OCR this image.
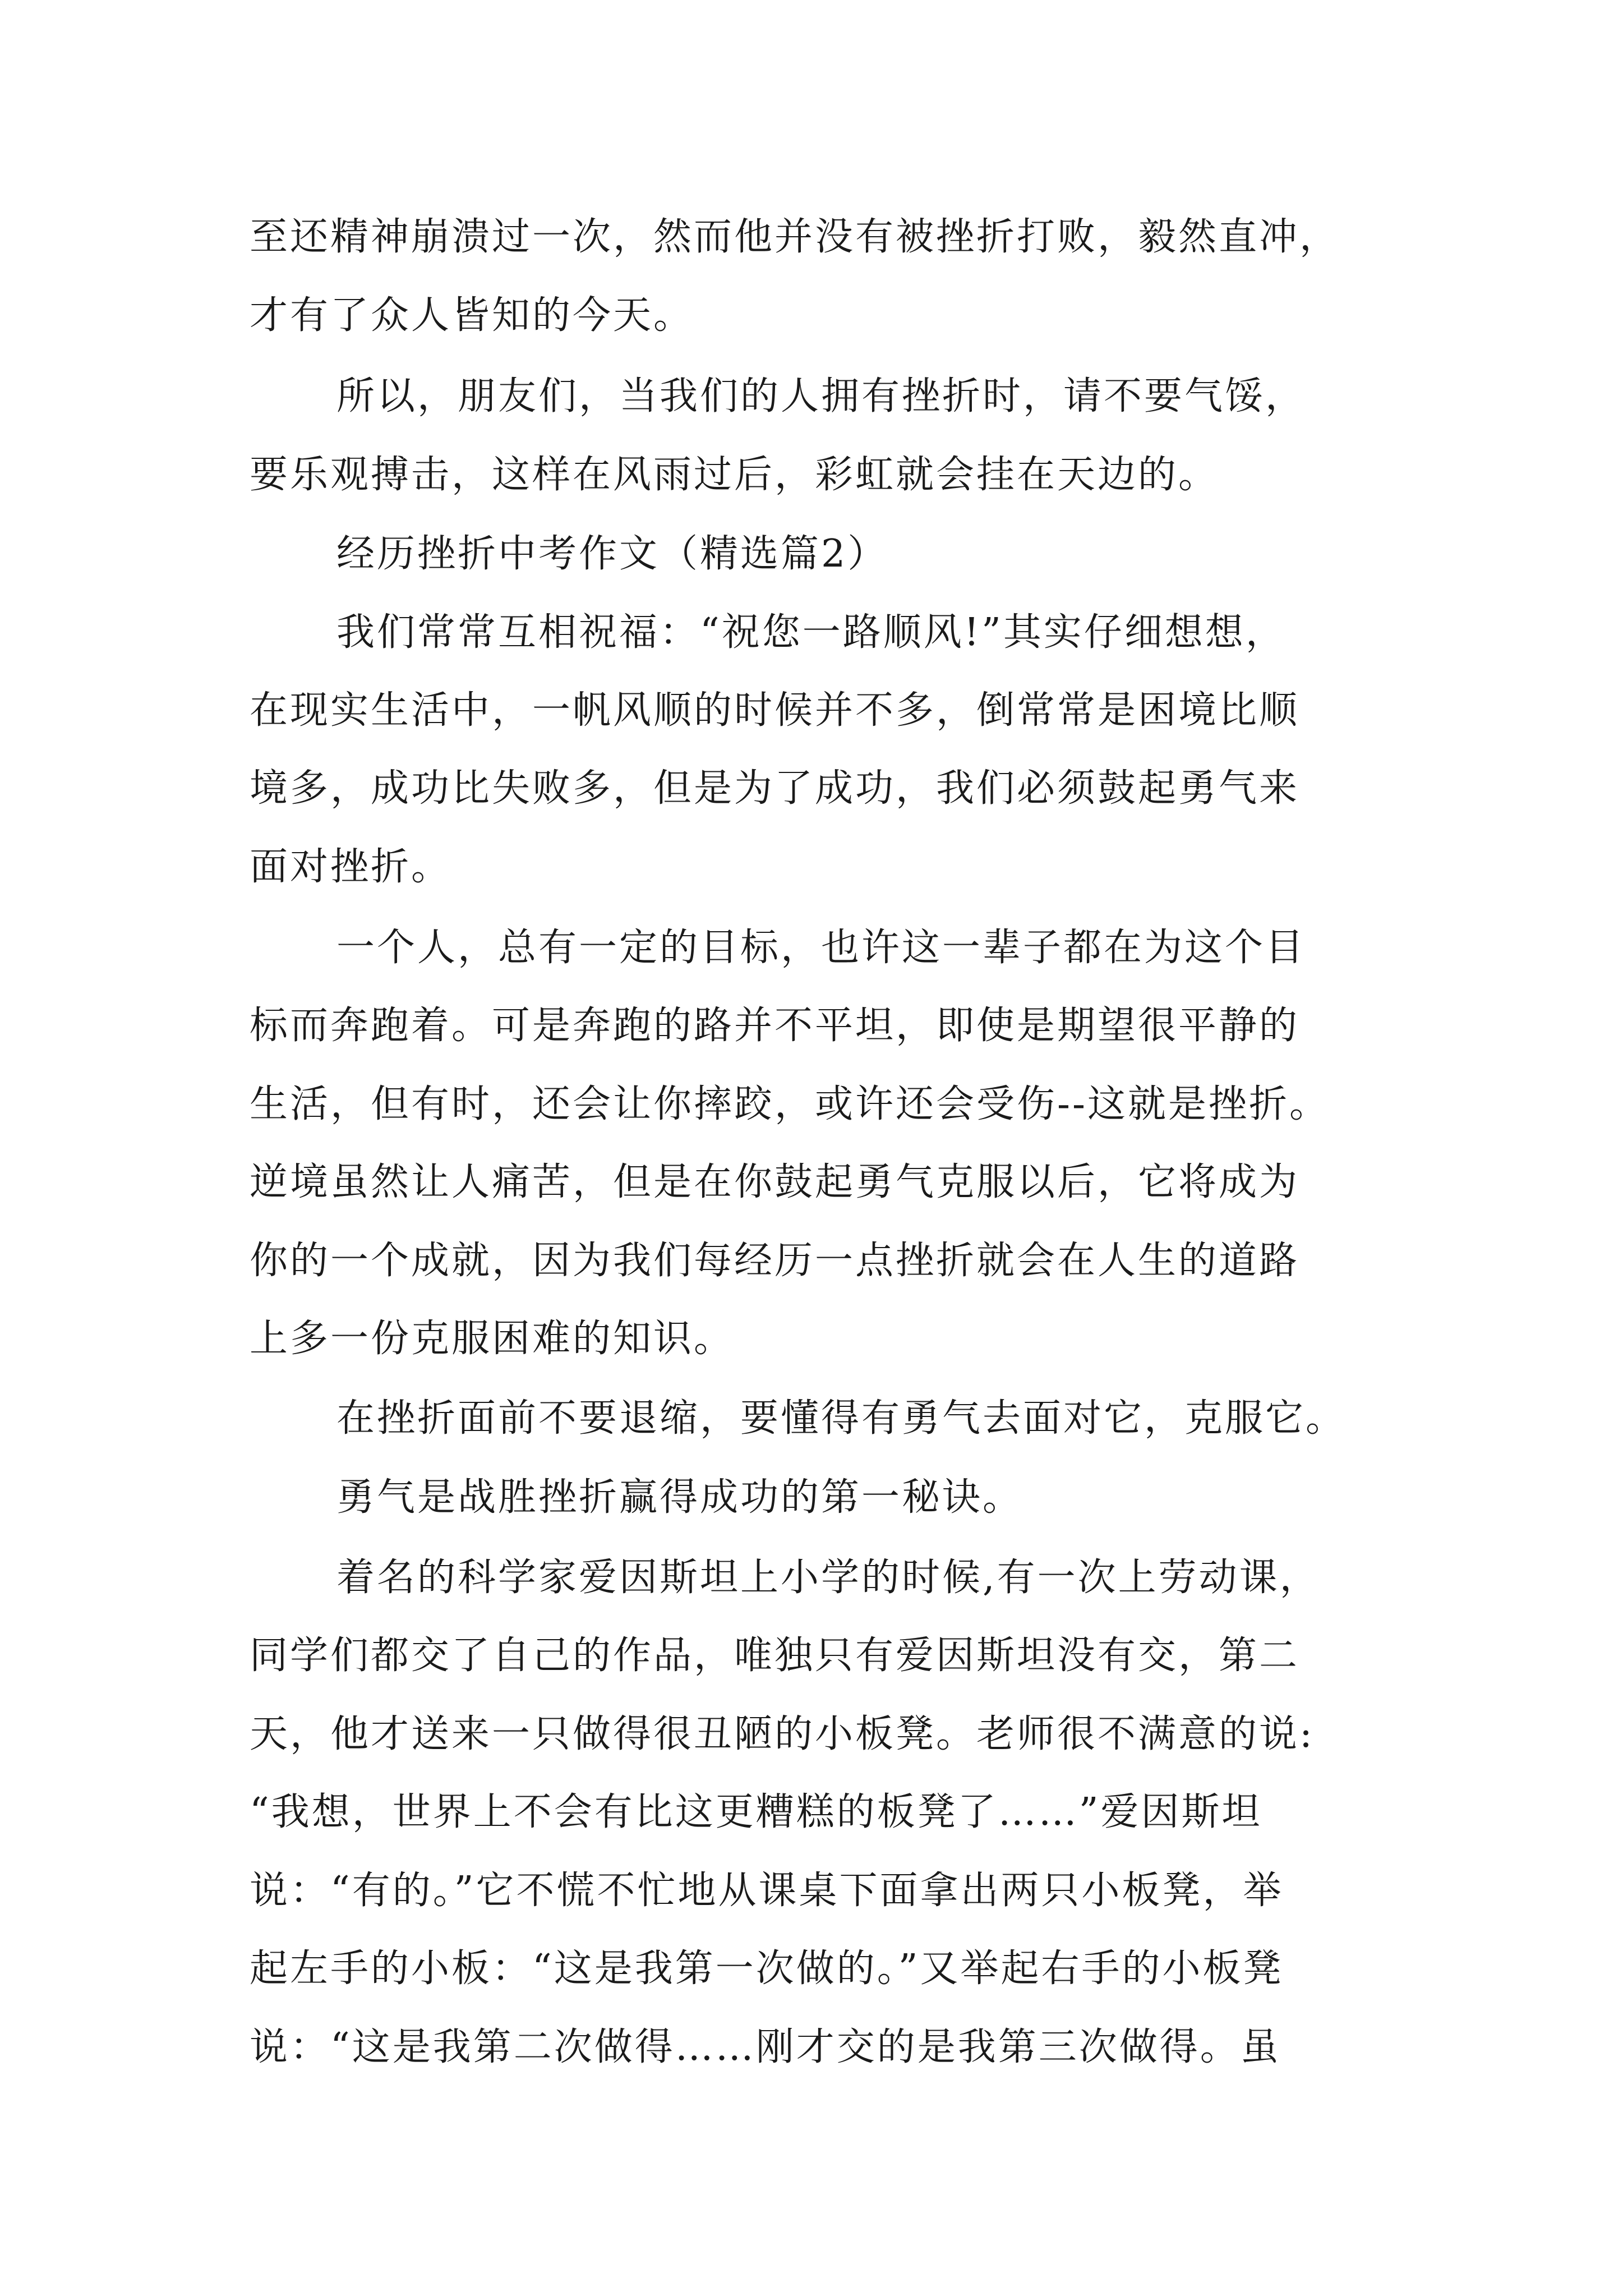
至还精神崩溃过一次，然而他并没有被挫折打败，毅然直冲，
才有了众人皆知的今天。
所以，朋友们，当我们的人拥有挫折时，请不要气馁，
要乐观搏击，这样在风雨过后，彩虹就会挂在天边的。
经历挫折中考作文（精选篇2）
我们常常互相祝福：“祝您一路顺风!”其实仔细想想，
在现实生活中，一帆风顺的时候并不多，倒常常是困境比顺
境多，成功比失败多，但是为了成功，我们必须鼓起勇气来
面对挫折。
一个人，总有一定的目标，也许这一辈子都在为这个目
标而奔跑着。可是奔跑的路并不平坦，即使是期望很平静的
生活，但有时，还会让你摔跤，或许还会受伤--这就是挫折。
逆境虽然让人痛苦，但是在你鼓起勇气克服以后，它将成为
你的一个成就，因为我们每经历一点挫折就会在人生的道路
上多一份克服困难的知识。
在挫折面前不要退缩，要懂得有勇气去面对它，克服它。
勇气是战胜挫折赢得成功的第一秘诀。
着名的科学家爱因斯坦上小学的时候,有一次上劳动课，
同学们都交了自己的作品，唯独只有爱因斯坦没有交，第二
天，他才送来一只做得很丑陋的小板凳。老师很不满意的说:
“我想，世界上不会有比这更糟糕的板凳了……”爱因斯坦
说：“有的。”它不慌不忙地从课桌下面拿出两只小板凳，举
起左手的小板：“这是我第一次做的。”又举起右手的小板凳
说：“这是我第二次做得……刚才交的是我第三次做得。虽
